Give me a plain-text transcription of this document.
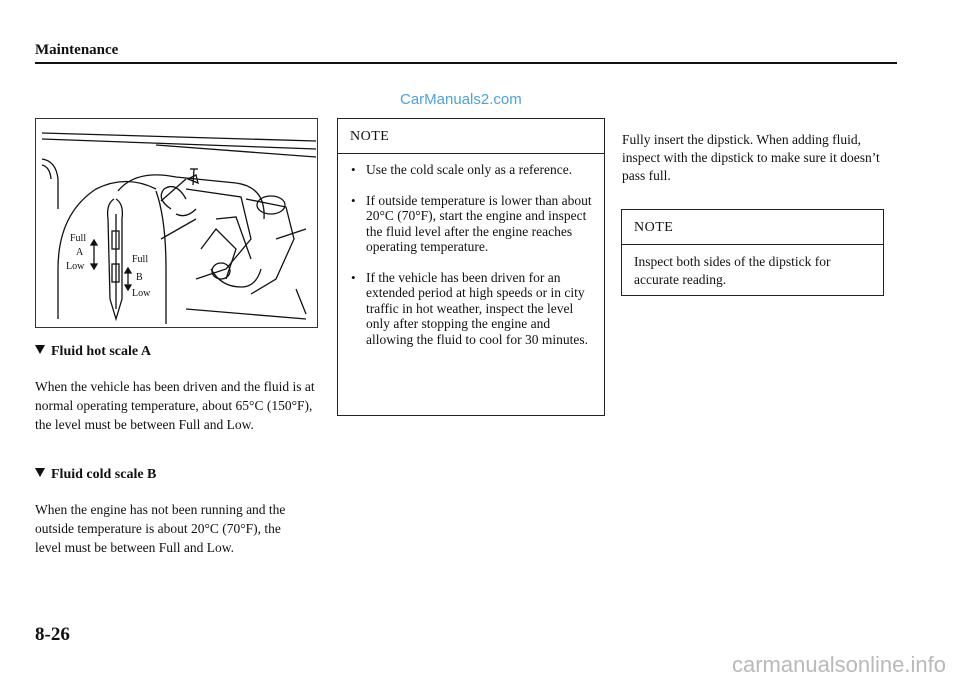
Maintenance
CarManuals2.com
Full
A
Low
Full
B
Low
Fluid hot scale A

When the vehicle has been driven and the fluid is at normal operating temperature, about 65°C (150°F), the level must be between Full and Low.

Fluid cold scale B

When the engine has not been running and the outside temperature is about 20°C (70°F), the level must be between Full and Low.

NOTE
• Use the cold scale only as a reference.
• If outside temperature is lower than about 20°C (70°F), start the engine and inspect the fluid level after the engine reaches operating temperature.
• If the vehicle has been driven for an extended period at high speeds or in city traffic in hot weather, inspect the level only after stopping the engine and allowing the fluid to cool for 30 minutes.

Fully insert the dipstick. When adding fluid, inspect with the dipstick to make sure it doesn’t pass full.

NOTE
Inspect both sides of the dipstick for accurate reading.
8-26
carmanualsonline.info
